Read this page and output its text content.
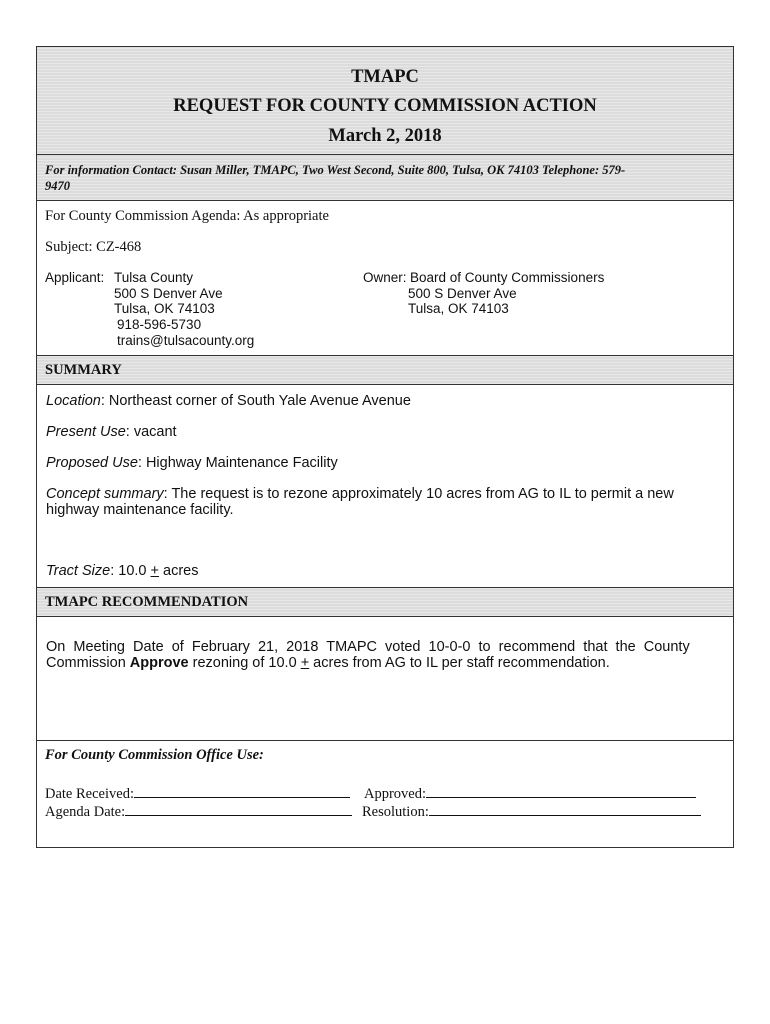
TMAPC
REQUEST FOR COUNTY COMMISSION ACTION
March 2, 2018
For information Contact: Susan Miller, TMAPC, Two West Second, Suite 800, Tulsa, OK 74103 Telephone: 579-
9470
For County Commission Agenda: As appropriate
Subject: CZ-468
Applicant: Tulsa County
500 S Denver Ave
Tulsa, OK 74103
918-596-5730
trains@tulsacounty.org
Owner: Board of County Commissioners
500 S Denver Ave
Tulsa, OK 74103
SUMMARY
Location: Northeast corner of South Yale Avenue Avenue
Present Use: vacant
Proposed Use: Highway Maintenance Facility
Concept summary: The request is to rezone approximately 10 acres from AG to IL to permit a new
highway maintenance facility.
Tract Size: 10.0 + acres
TMAPC RECOMMENDATION
On  Meeting  Date  of  February  21,  2018  TMAPC  voted  10-0-0  to  recommend  that  the  County
Commission Approve rezoning of 10.0 + acres from AG to IL per staff recommendation.
For County Commission Office Use:
Date Received:	Approved:
Agenda Date:	Resolution:
